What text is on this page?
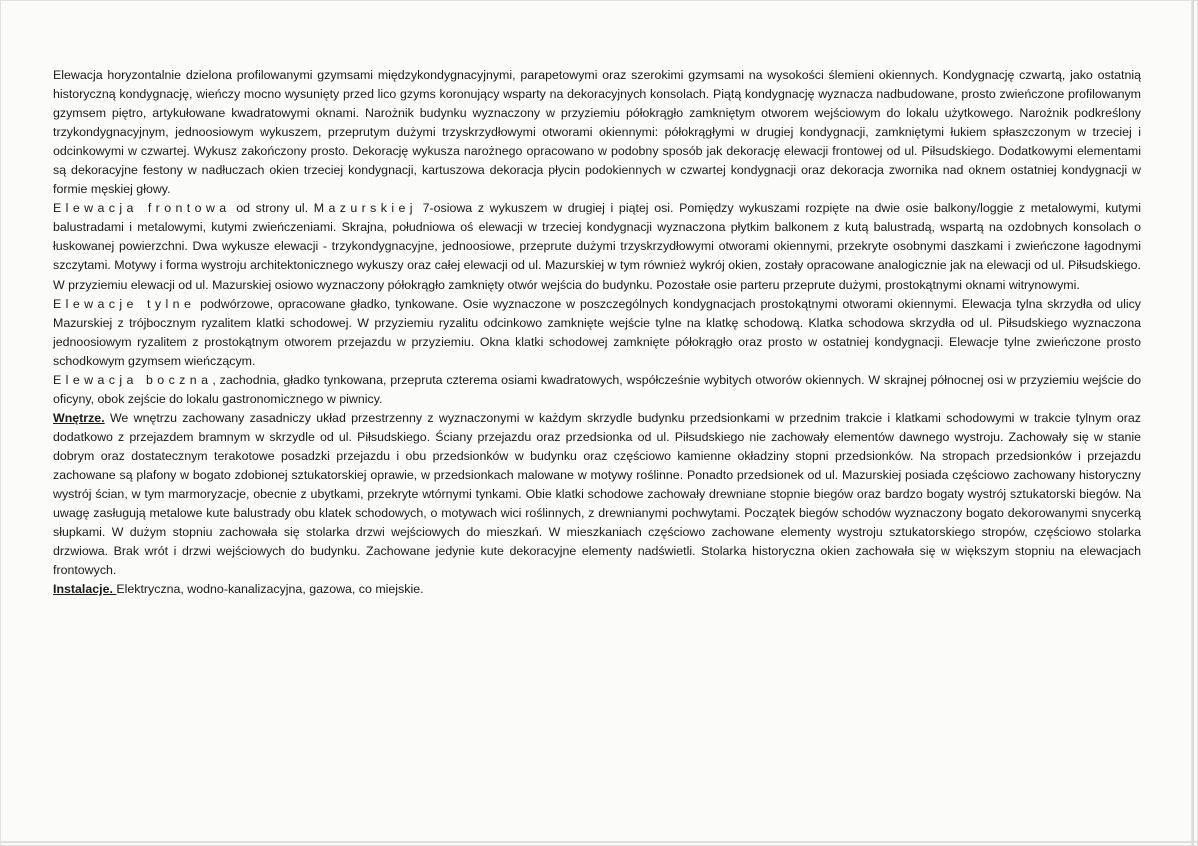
Elewacja horyzontalnie dzielona profilowanymi gzymsami międzykondygnacyjnymi, parapetowymi oraz szerokimi gzymsami na wysokości ślemieni okiennych. Kondygnację czwartą, jako ostatnią historyczną kondygnację, wieńczy mocno wysunięty przed lico gzyms koronujący wsparty na dekoracyjnych konsolach. Piątą kondygnację wyznacza nadbudowane, prosto zwieńczone profilowanym gzymsem piętro, artykułowane kwadratowymi oknami. Narożnik budynku wyznaczony w przyziemiu półokrągło zamkniętym otworem wejściowym do lokalu użytkowego. Narożnik podkreślony trzykondygnacyjnym, jednoosiowym wykuszem, przeprutym dużymi trzyskrzydłowymi otworami okiennymi: półokrągłymi w drugiej kondygnacji, zamkniętymi łukiem spłaszczonym w trzeciej i odcinkowymi w czwartej. Wykusz zakończony prosto. Dekorację wykusza narożnego opracowano w podobny sposób jak dekorację elewacji frontowej od ul. Piłsudskiego. Dodatkowymi elementami są dekoracyjne festony w nadłuczach okien trzeciej kondygnacji, kartuszowa dekoracja płycin podokiennych w czwartej kondygnacji oraz dekoracja zwornika nad oknem ostatniej kondygnacji w formie męskiej głowy.

Elewacja frontowa od strony ul. Mazurskiej 7-osiowa z wykuszem w drugiej i piątej osi. Pomiędzy wykuszami rozpięte na dwie osie balkony/loggie z metalowymi, kutymi balustradami i metalowymi, kutymi zwieńczeniami. Skrajna, południowa oś elewacji w trzeciej kondygnacji wyznaczona płytkim balkonem z kutą balustradą, wspartą na ozdobnych konsolach o łuskowanej powierzchni. Dwa wykusze elewacji - trzykondygnacyjne, jednoosiowe, przeprute dużymi trzyskrzydłowymi otworami okiennymi, przekryte osobnymi daszkami i zwieńczone łagodnymi szczytami. Motywy i forma wystroju architektonicznego wykuszy oraz całej elewacji od ul. Mazurskiej w tym również wykrój okien, zostały opracowane analogicznie jak na elewacji od ul. Piłsudskiego. W przyziemiu elewacji od ul. Mazurskiej osiowo wyznaczony półokrągło zamknięty otwór wejścia do budynku. Pozostałe osie parteru przeprute dużymi, prostokątnymi oknami witrynowymi.

Elewacje tylne podwórzowe, opracowane gładko, tynkowane. Osie wyznaczone w poszczególnych kondygnacjach prostokątnymi otworami okiennymi. Elewacja tylna skrzydła od ulicy Mazurskiej z trójbocznym ryzalitem klatki schodowej. W przyziemiu ryzalitu odcinkowo zamknięte wejście tylne na klatkę schodową. Klatka schodowa skrzydła od ul. Piłsudskiego wyznaczona jednoosiowym ryzalitem z prostokątnym otworem przejazdu w przyziemiu. Okna klatki schodowej zamknięte półokrągło oraz prosto w ostatniej kondygnacji. Elewacje tylne zwieńczone prosto schodkowym gzymsem wieńczącym.

Elewacja boczna, zachodnia, gładko tynkowana, przepruta czterema osiami kwadratowych, współcześnie wybitych otworów okiennych. W skrajnej północnej osi w przyziemiu wejście do oficyny, obok zejście do lokalu gastronomicznego w piwnicy.

Wnętrze. We wnętrzu zachowany zasadniczy układ przestrzenny z wyznaczonymi w każdym skrzydle budynku przedsionkami w przednim trakcie i klatkami schodowymi w trakcie tylnym oraz dodatkowo z przejazdem bramnym w skrzydle od ul. Piłsudskiego. Ściany przejazdu oraz przedsionka od ul. Piłsudskiego nie zachowały elementów dawnego wystroju. Zachowały się w stanie dobrym oraz dostatecznym terakotowe posadzki przejazdu i obu przedsionków w budynku oraz częściowo kamienne okładziny stopni przedsionków. Na stropach przedsionków i przejazdu zachowane są plafony w bogato zdobionej sztukatorskiej oprawie, w przedsionkach malowane w motywy roślinne. Ponadto przedsionek od ul. Mazurskiej posiada częściowo zachowany historyczny wystrój ścian, w tym marmoryzacje, obecnie z ubytkami, przekryte wtórnymi tynkami. Obie klatki schodowe zachowały drewniane stopnie biegów oraz bardzo bogaty wystrój sztukatorski biegów. Na uwagę zasługują metalowe kute balustrady obu klatek schodowych, o motywach wici roślinnych, z drewnianymi pochwytami. Początek biegów schodów wyznaczony bogato dekorowanymi snycerką słupkami. W dużym stopniu zachowała się stolarka drzwi wejściowych do mieszkań. W mieszkaniach częściowo zachowane elementy wystroju sztukatorskiego stropów, częściowo stolarka drzwiowa. Brak wrót i drzwi wejściowych do budynku. Zachowane jedynie kute dekoracyjne elementy nadświetli. Stolarka historyczna okien zachowała się w większym stopniu na elewacjach frontowych.

Instalacje. Elektryczna, wodno-kanalizacyjna, gazowa, co miejskie.
